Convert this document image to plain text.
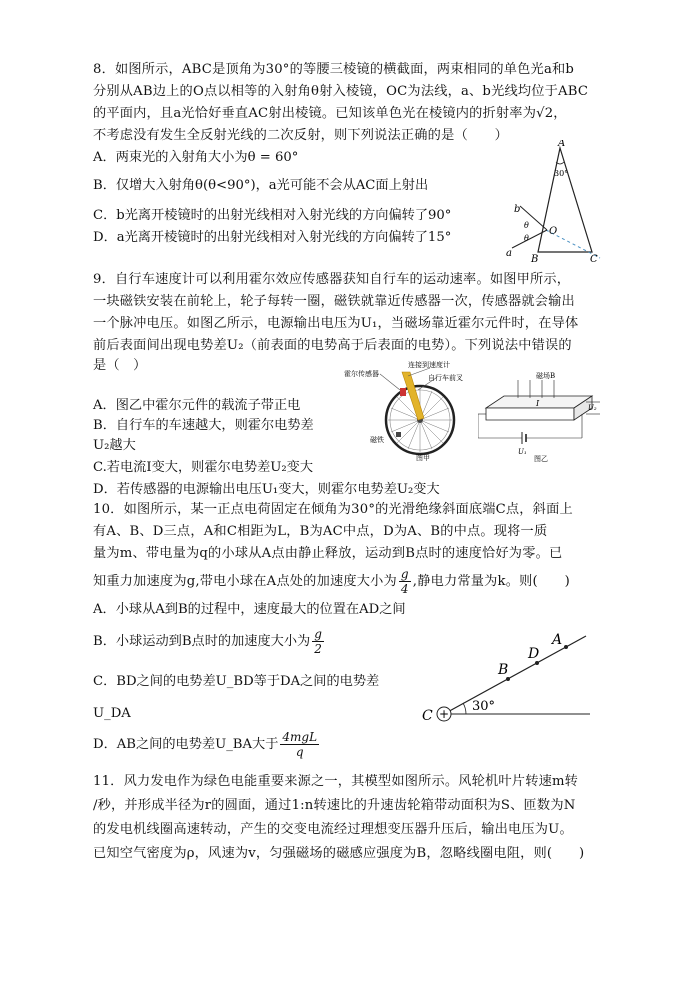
8．如图所示，ABC是顶角为30°的等腰三棱镜的横截面，两束相同的单色光a和b
分别从AB边上的O点以相等的入射角θ射入棱镜，OC为法线，a、b光线均位于ABC
的平面内，且a光恰好垂直AC射出棱镜。已知该单色光在棱镜内的折射率为√2，
不考虑没有发生全反射光线的二次反射，则下列说法正确的是（　　）
A．两束光的入射角大小为θ = 60°
B．仅增大入射角θ(θ<90°)，a光可能不会从AC面上射出
C．b光离开棱镜时的出射光线相对入射光线的方向偏转了90°
D．a光离开棱镜时的出射光线相对入射光线的方向偏转了15°
A
30°
B	C
O
b
a
θ
θ
9．自行车速度计可以利用霍尔效应传感器获知自行车的运动速率。如图甲所示，
一块磁铁安装在前轮上，轮子每转一圈，磁铁就靠近传感器一次，传感器就会输出
一个脉冲电压。如图乙所示，电源输出电压为U₁，当磁场靠近霍尔元件时，在导体
前后表面间出现电势差U₂（前表面的电势高于后表面的电势）。下列说法中错误的
是（　）
A．图乙中霍尔元件的载流子带正电
B．自行车的车速越大，则霍尔电势差
U₂越大
C.若电流I变大，则霍尔电势差U₂变大
D．若传感器的电源输出电压U₁变大，则霍尔电势差U₂变大
霍尔传感器
连接到速度计
自行车前叉
磁铁
图甲
磁场B
I	U₂
U₁
图乙
10．如图所示，某一正点电荷固定在倾角为30°的光滑绝缘斜面底端C点，斜面上
有A、B、D三点，A和C相距为L，B为AC中点，D为A、B的中点。现将一质
量为m、带电量为q的小球从A点由静止释放，运动到B点时的速度恰好为零。已
知重力加速度为g,带电小球在A点处的加速度大小为 $\frac{g}{4}$ ,静电力常量为k。则(　　)
A．小球从A到B的过程中，速度最大的位置在AD之间
B．小球运动到B点时的加速度大小为 $\frac{g}{2}$
C．BD之间的电势差U_BD等于DA之间的电势差
U_DA
D．AB之间的电势差U_BA大于 $\frac{\text{4mgL}}{q}$
+
C
B
D
A
30°
11．风力发电作为绿色电能重要来源之一，其模型如图所示。风轮机叶片转速m转
/秒，并形成半径为r的圆面，通过1:n转速比的升速齿轮箱带动面积为S、匝数为N
的发电机线圈高速转动，产生的交变电流经过理想变压器升压后，输出电压为U。
已知空气密度为ρ，风速为v，匀强磁场的磁感应强度为B，忽略线圈电阻，则(　　)
